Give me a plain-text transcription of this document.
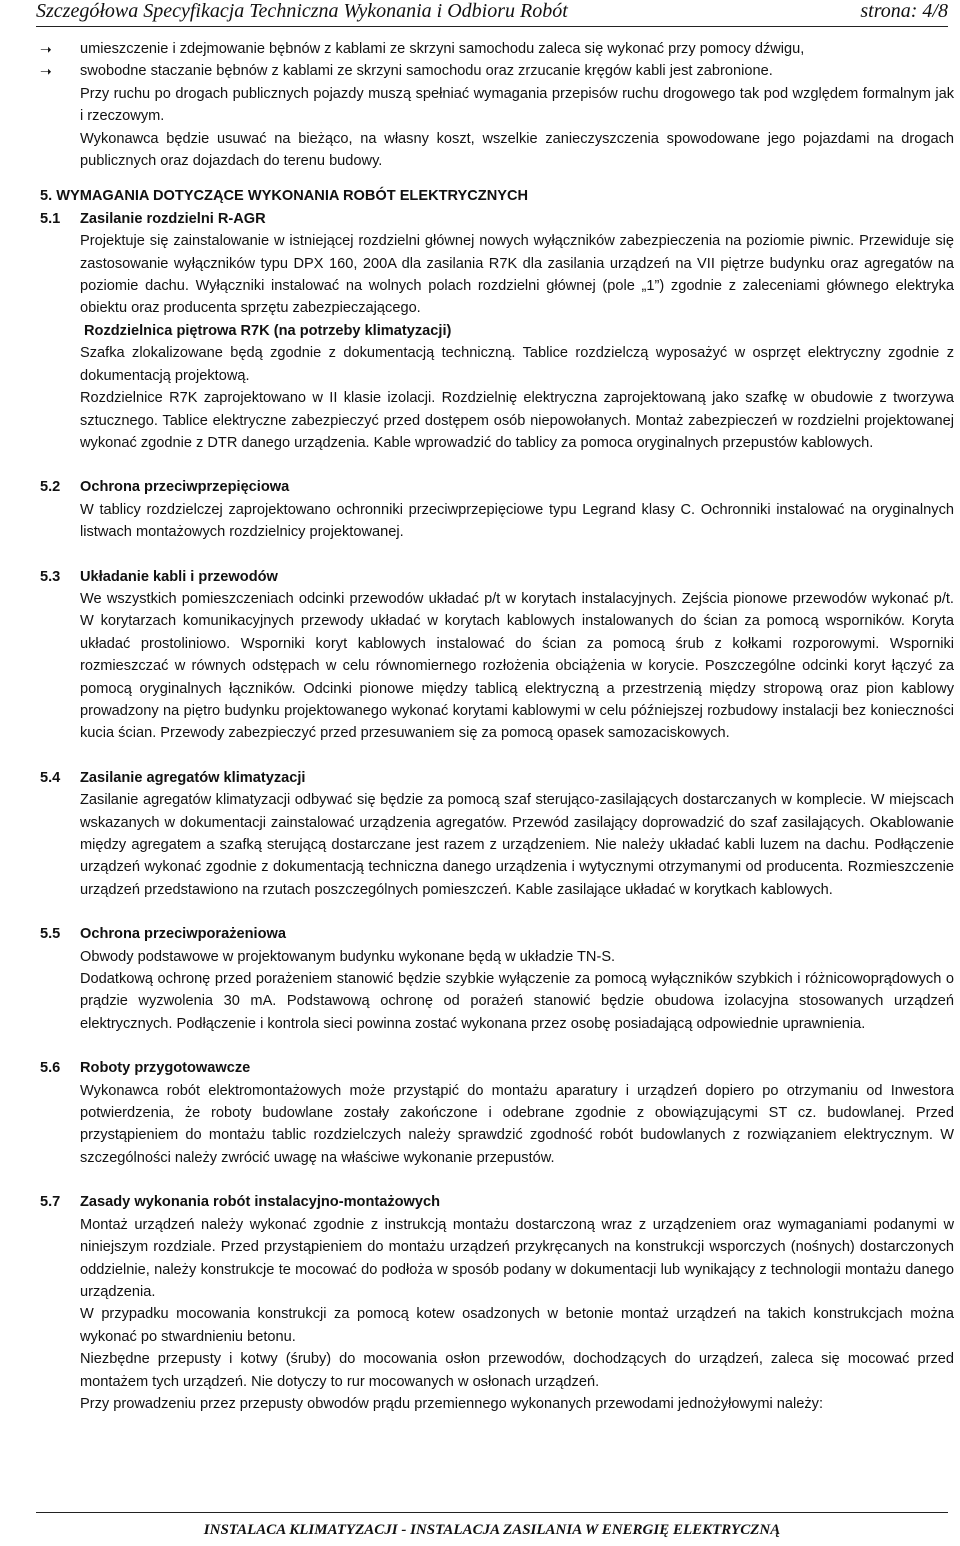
Szczegółowa Specyfikacja Techniczna Wykonania i Odbioru Robót	strona: 4/8
➝ umieszczenie i zdejmowanie bębnów z kablami ze skrzyni samochodu zaleca się wykonać przy pomocy dźwigu,

➝ swobodne staczanie bębnów z kablami ze skrzyni samochodu oraz zrzucanie kręgów kabli jest zabronione.

Przy ruchu po drogach publicznych pojazdy muszą spełniać wymagania przepisów ruchu drogowego tak pod względem formalnym jak i rzeczowym.

Wykonawca będzie usuwać na bieżąco, na własny koszt, wszelkie zanieczyszczenia spowodowane jego pojazdami na drogach publicznych oraz dojazdach do terenu budowy.

5. WYMAGANIA DOTYCZĄCE WYKONANIA ROBÓT ELEKTRYCZNYCH
5.1 Zasilanie rozdzielni R-AGR

Projektuje się zainstalowanie w istniejącej rozdzielni głównej nowych wyłączników zabezpieczenia na poziomie piwnic. Przewiduje się zastosowanie wyłączników typu DPX 160, 200A dla zasilania R7K dla zasilania urządzeń na VII piętrze budynku oraz agregatów na poziomie dachu. Wyłączniki instalować na wolnych polach rozdzielni głównej (pole „1”) zgodnie z zaleceniami głównego elektryka obiektu oraz producenta sprzętu zabezpieczającego.

Rozdzielnica piętrowa R7K (na potrzeby klimatyzacji)

Szafka zlokalizowane będą zgodnie z dokumentacją techniczną. Tablice rozdzielczą wyposażyć w osprzęt elektryczny zgodnie z dokumentacją projektową.

Rozdzielnice R7K zaprojektowano w II klasie izolacji. Rozdzielnię elektryczna zaprojektowaną jako szafkę w obudowie z tworzywa sztucznego. Tablice elektryczne zabezpieczyć przed dostępem osób niepowołanych. Montaż zabezpieczeń w rozdzielni projektowanej wykonać zgodnie z DTR danego urządzenia. Kable wprowadzić do tablicy za pomoca oryginalnych przepustów kablowych.

5.2 Ochrona przeciwprzepięciowa

W tablicy rozdzielczej zaprojektowano ochronniki przeciwprzepięciowe typu Legrand klasy C. Ochronniki instalować na oryginalnych listwach montażowych rozdzielnicy projektowanej.

5.3 Układanie kabli i przewodów

We wszystkich pomieszczeniach odcinki przewodów układać p/t w korytach instalacyjnych. Zejścia pionowe przewodów wykonać p/t. W korytarzach komunikacyjnych przewody układać w korytach kablowych instalowanych do ścian za pomocą wsporników. Koryta układać prostoliniowo. Wsporniki koryt kablowych instalować do ścian za pomocą śrub z kołkami rozporowymi. Wsporniki rozmieszczać w równych odstępach w celu równomiernego rozłożenia obciążenia w korycie. Poszczególne odcinki koryt łączyć za pomocą oryginalnych łączników. Odcinki pionowe między tablicą elektryczną a przestrzenią między stropową oraz pion kablowy prowadzony na piętro budynku projektowanego wykonać korytami kablowymi w celu późniejszej rozbudowy instalacji bez konieczności kucia ścian. Przewody zabezpieczyć przed przesuwaniem się za pomocą opasek samozaciskowych.

5.4 Zasilanie agregatów klimatyzacji

Zasilanie agregatów klimatyzacji odbywać się będzie za pomocą szaf sterująco-zasilających dostarczanych w komplecie. W miejscach wskazanych w dokumentacji zainstalować urządzenia agregatów. Przewód zasilający doprowadzić do szaf zasilających. Okablowanie między agregatem a szafką sterującą dostarczane jest razem z urządzeniem. Nie należy układać kabli luzem na dachu. Podłączenie urządzeń wykonać zgodnie z dokumentacją techniczna danego urządzenia i wytycznymi otrzymanymi od producenta. Rozmieszczenie urządzeń przedstawiono na rzutach poszczególnych pomieszczeń. Kable zasilające układać w korytkach kablowych.

5.5 Ochrona przeciwporażeniowa

Obwody podstawowe w projektowanym budynku wykonane będą w układzie TN-S.

Dodatkową ochronę przed porażeniem stanowić będzie szybkie wyłączenie za pomocą wyłączników szybkich i różnicowoprądowych o prądzie wyzwolenia 30 mA. Podstawową ochronę od porażeń stanowić będzie obudowa izolacyjna stosowanych urządzeń elektrycznych. Podłączenie i kontrola sieci powinna zostać wykonana przez osobę posiadającą odpowiednie uprawnienia.

5.6 Roboty przygotowawcze

Wykonawca robót elektromontażowych może przystąpić do montażu aparatury i urządzeń dopiero po otrzymaniu od Inwestora potwierdzenia, że roboty budowlane zostały zakończone i odebrane zgodnie z obowiązującymi ST cz. budowlanej. Przed przystąpieniem do montażu tablic rozdzielczych należy sprawdzić zgodność robót budowlanych z rozwiązaniem elektrycznym. W szczególności należy zwrócić uwagę na właściwe wykonanie przepustów.

5.7 Zasady wykonania robót instalacyjno-montażowych

Montaż urządzeń należy wykonać zgodnie z instrukcją montażu dostarczoną wraz z urządzeniem oraz wymaganiami podanymi w niniejszym rozdziale. Przed przystąpieniem do montażu urządzeń przykręcanych na konstrukcji wsporczych (nośnych) dostarczonych oddzielnie, należy konstrukcje te mocować do podłoża w sposób podany w dokumentacji lub wynikający z technologii montażu danego urządzenia.

W przypadku mocowania konstrukcji za pomocą kotew osadzonych w betonie montaż urządzeń na takich konstrukcjach można wykonać po stwardnieniu betonu.

Niezbędne przepusty i kotwy (śruby) do mocowania osłon przewodów, dochodzących do urządzeń, zaleca się mocować przed montażem tych urządzeń. Nie dotyczy to rur mocowanych w osłonach urządzeń.

Przy prowadzeniu przez przepusty obwodów prądu przemiennego wykonanych przewodami jednożyłowymi należy:

INSTALACA KLIMATYZACJI - INSTALACJA ZASILANIA W ENERGIĘ ELEKTRYCZNĄ
